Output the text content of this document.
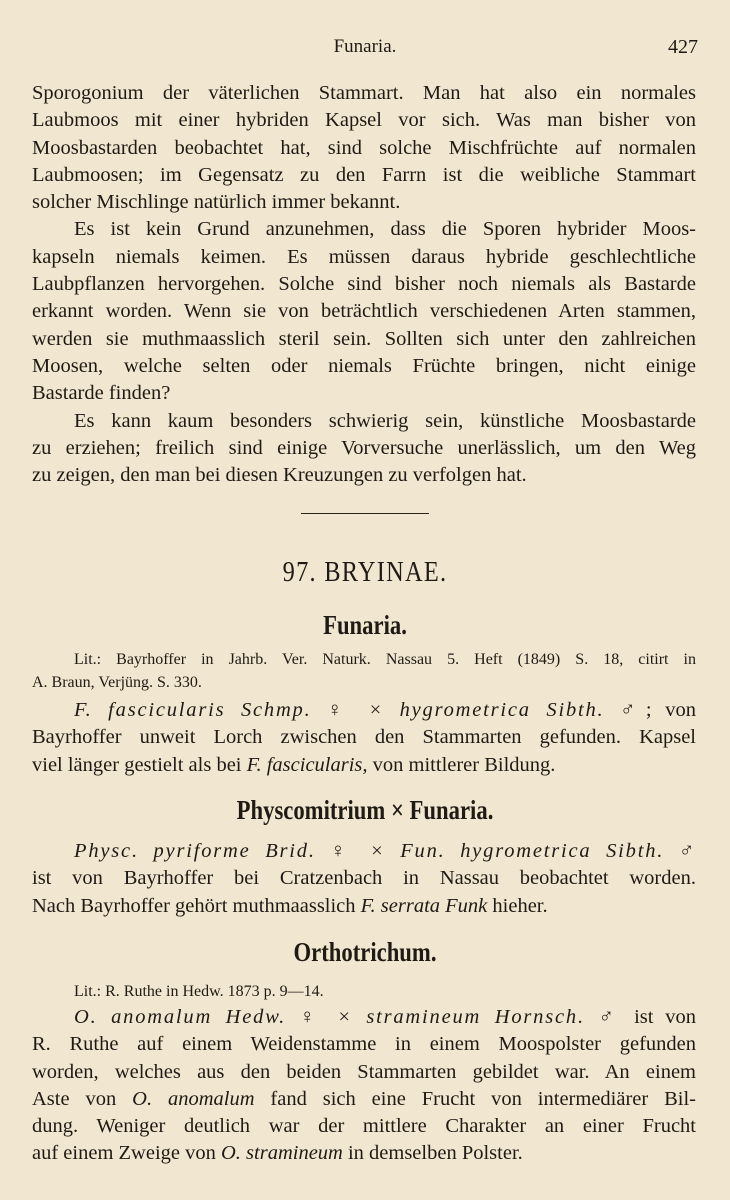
Funaria.	427
Sporogonium der väterlichen Stammart. Man hat also ein normales
Laubmoos mit einer hybriden Kapsel vor sich. Was man bisher von
Moosbastarden beobachtet hat, sind solche Mischfrüchte auf normalen
Laubmoosen; im Gegensatz zu den Farrn ist die weibliche Stammart
solcher Mischlinge natürlich immer bekannt.
Es ist kein Grund anzunehmen, dass die Sporen hybrider Moos-
kapseln niemals keimen. Es müssen daraus hybride geschlechtliche
Laubpflanzen hervorgehen. Solche sind bisher noch niemals als Bastarde
erkannt worden. Wenn sie von beträchtlich verschiedenen Arten stammen,
werden sie muthmaasslich steril sein. Sollten sich unter den zahlreichen
Moosen, welche selten oder niemals Früchte bringen, nicht einige
Bastarde finden?
Es kann kaum besonders schwierig sein, künstliche Moosbastarde
zu erziehen; freilich sind einige Vorversuche unerlässlich, um den Weg
zu zeigen, den man bei diesen Kreuzungen zu verfolgen hat.
97. BRYINAE.
Funaria.
Lit.: Bayrhoffer in Jahrb. Ver. Naturk. Nassau 5. Heft (1849) S. 18, citirt in
A. Braun, Verjüng. S. 330.
F. fascicularis Schmp. ♀ × hygrometrica Sibth. ♂; von
Bayrhoffer unweit Lorch zwischen den Stammarten gefunden. Kapsel
viel länger gestielt als bei F. fascicularis, von mittlerer Bildung.
Physcomitrium × Funaria.
Physc. pyriforme Brid. ♀ × Fun. hygrometrica Sibth. ♂
ist von Bayrhoffer bei Cratzenbach in Nassau beobachtet worden.
Nach Bayrhoffer gehört muthmaasslich F. serrata Funk hieher.
Orthotrichum.
Lit.: R. Ruthe in Hedw. 1873 p. 9—14.
O. anomalum Hedw. ♀ × stramineum Hornsch. ♂ ist von
R. Ruthe auf einem Weidenstamme in einem Moospolster gefunden
worden, welches aus den beiden Stammarten gebildet war. An einem
Aste von O. anomalum fand sich eine Frucht von intermediärer Bil-
dung. Weniger deutlich war der mittlere Charakter an einer Frucht
auf einem Zweige von O. stramineum in demselben Polster.
